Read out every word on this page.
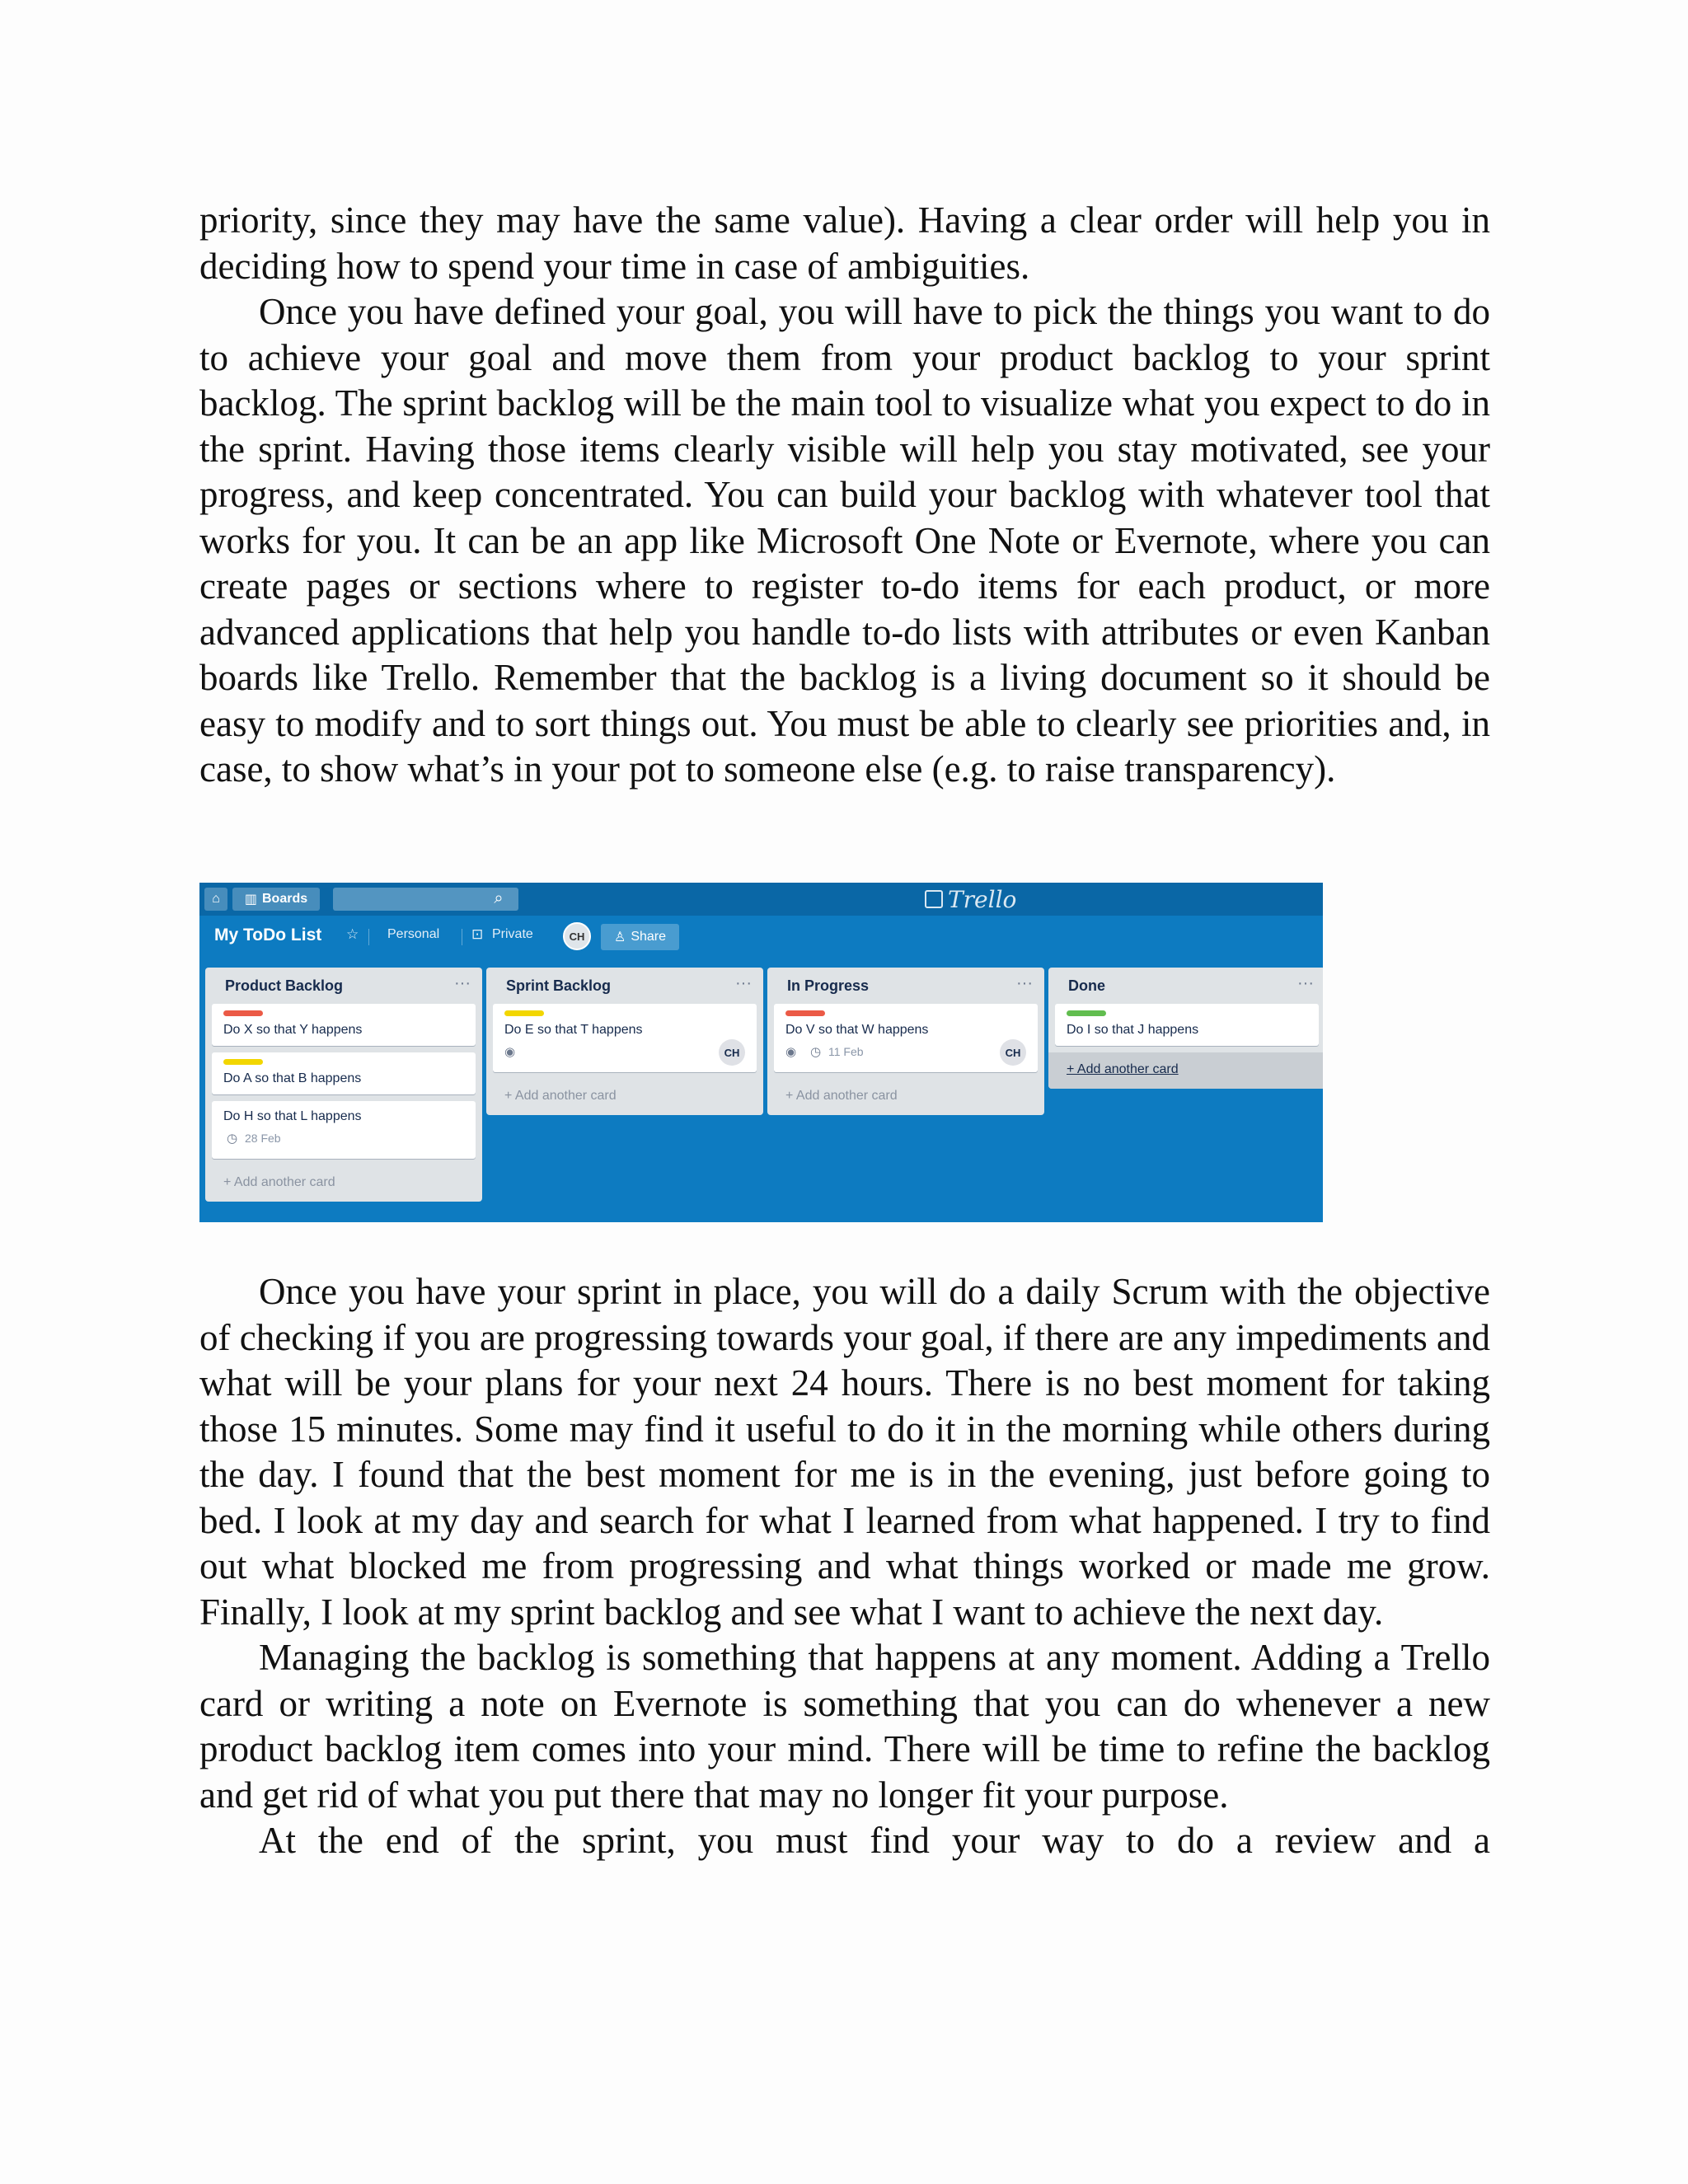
priority, since they may have the same value). Having a clear order will help you in deciding how to spend your time in case of ambiguities.

Once you have defined your goal, you will have to pick the things you want to do to achieve your goal and move them from your product backlog to your sprint backlog. The sprint backlog will be the main tool to visualize what you expect to do in the sprint. Having those items clearly visible will help you stay motivated, see your progress, and keep concentrated. You can build your backlog with whatever tool that works for you. It can be an app like Microsoft One Note or Evernote, where you can create pages or sections where to register to-do items for each product, or more advanced applications that help you handle to-do lists with attributes or even Kanban boards like Trello. Remember that the backlog is a living document so it should be easy to modify and to sort things out. You must be able to clearly see priorities and, in case, to show what’s in your pot to someone else (e.g. to raise transparency).

⌂	▥ Boards	⌕	Trello
My ToDo List ☆ Personal ⊡ Private	CH	♙ Share
Product Backlog	···
Do X so that Y happens
Do A so that B happens
Do H so that L happens
◷ 28 Feb
+ Add another card
Sprint Backlog	···
Do E so that T happens
◉	CH
+ Add another card
In Progress	···
Do V so that W happens
◉ ◷ 11 Feb	CH
+ Add another card
Done	···
Do I so that J happens
+ Add another card

Once you have your sprint in place, you will do a daily Scrum with the objective of checking if you are progressing towards your goal, if there are any impediments and what will be your plans for your next 24 hours. There is no best moment for taking those 15 minutes. Some may find it useful to do it in the morning while others during the day. I found that the best moment for me is in the evening, just before going to bed. I look at my day and search for what I learned from what happened. I try to find out what blocked me from progressing and what things worked or made me grow. Finally, I look at my sprint backlog and see what I want to achieve the next day.

Managing the backlog is something that happens at any moment. Adding a Trello card or writing a note on Evernote is something that you can do whenever a new product backlog item comes into your mind. There will be time to refine the backlog and get rid of what you put there that may no longer fit your purpose.

At the end of the sprint, you must find your way to do a review and a
